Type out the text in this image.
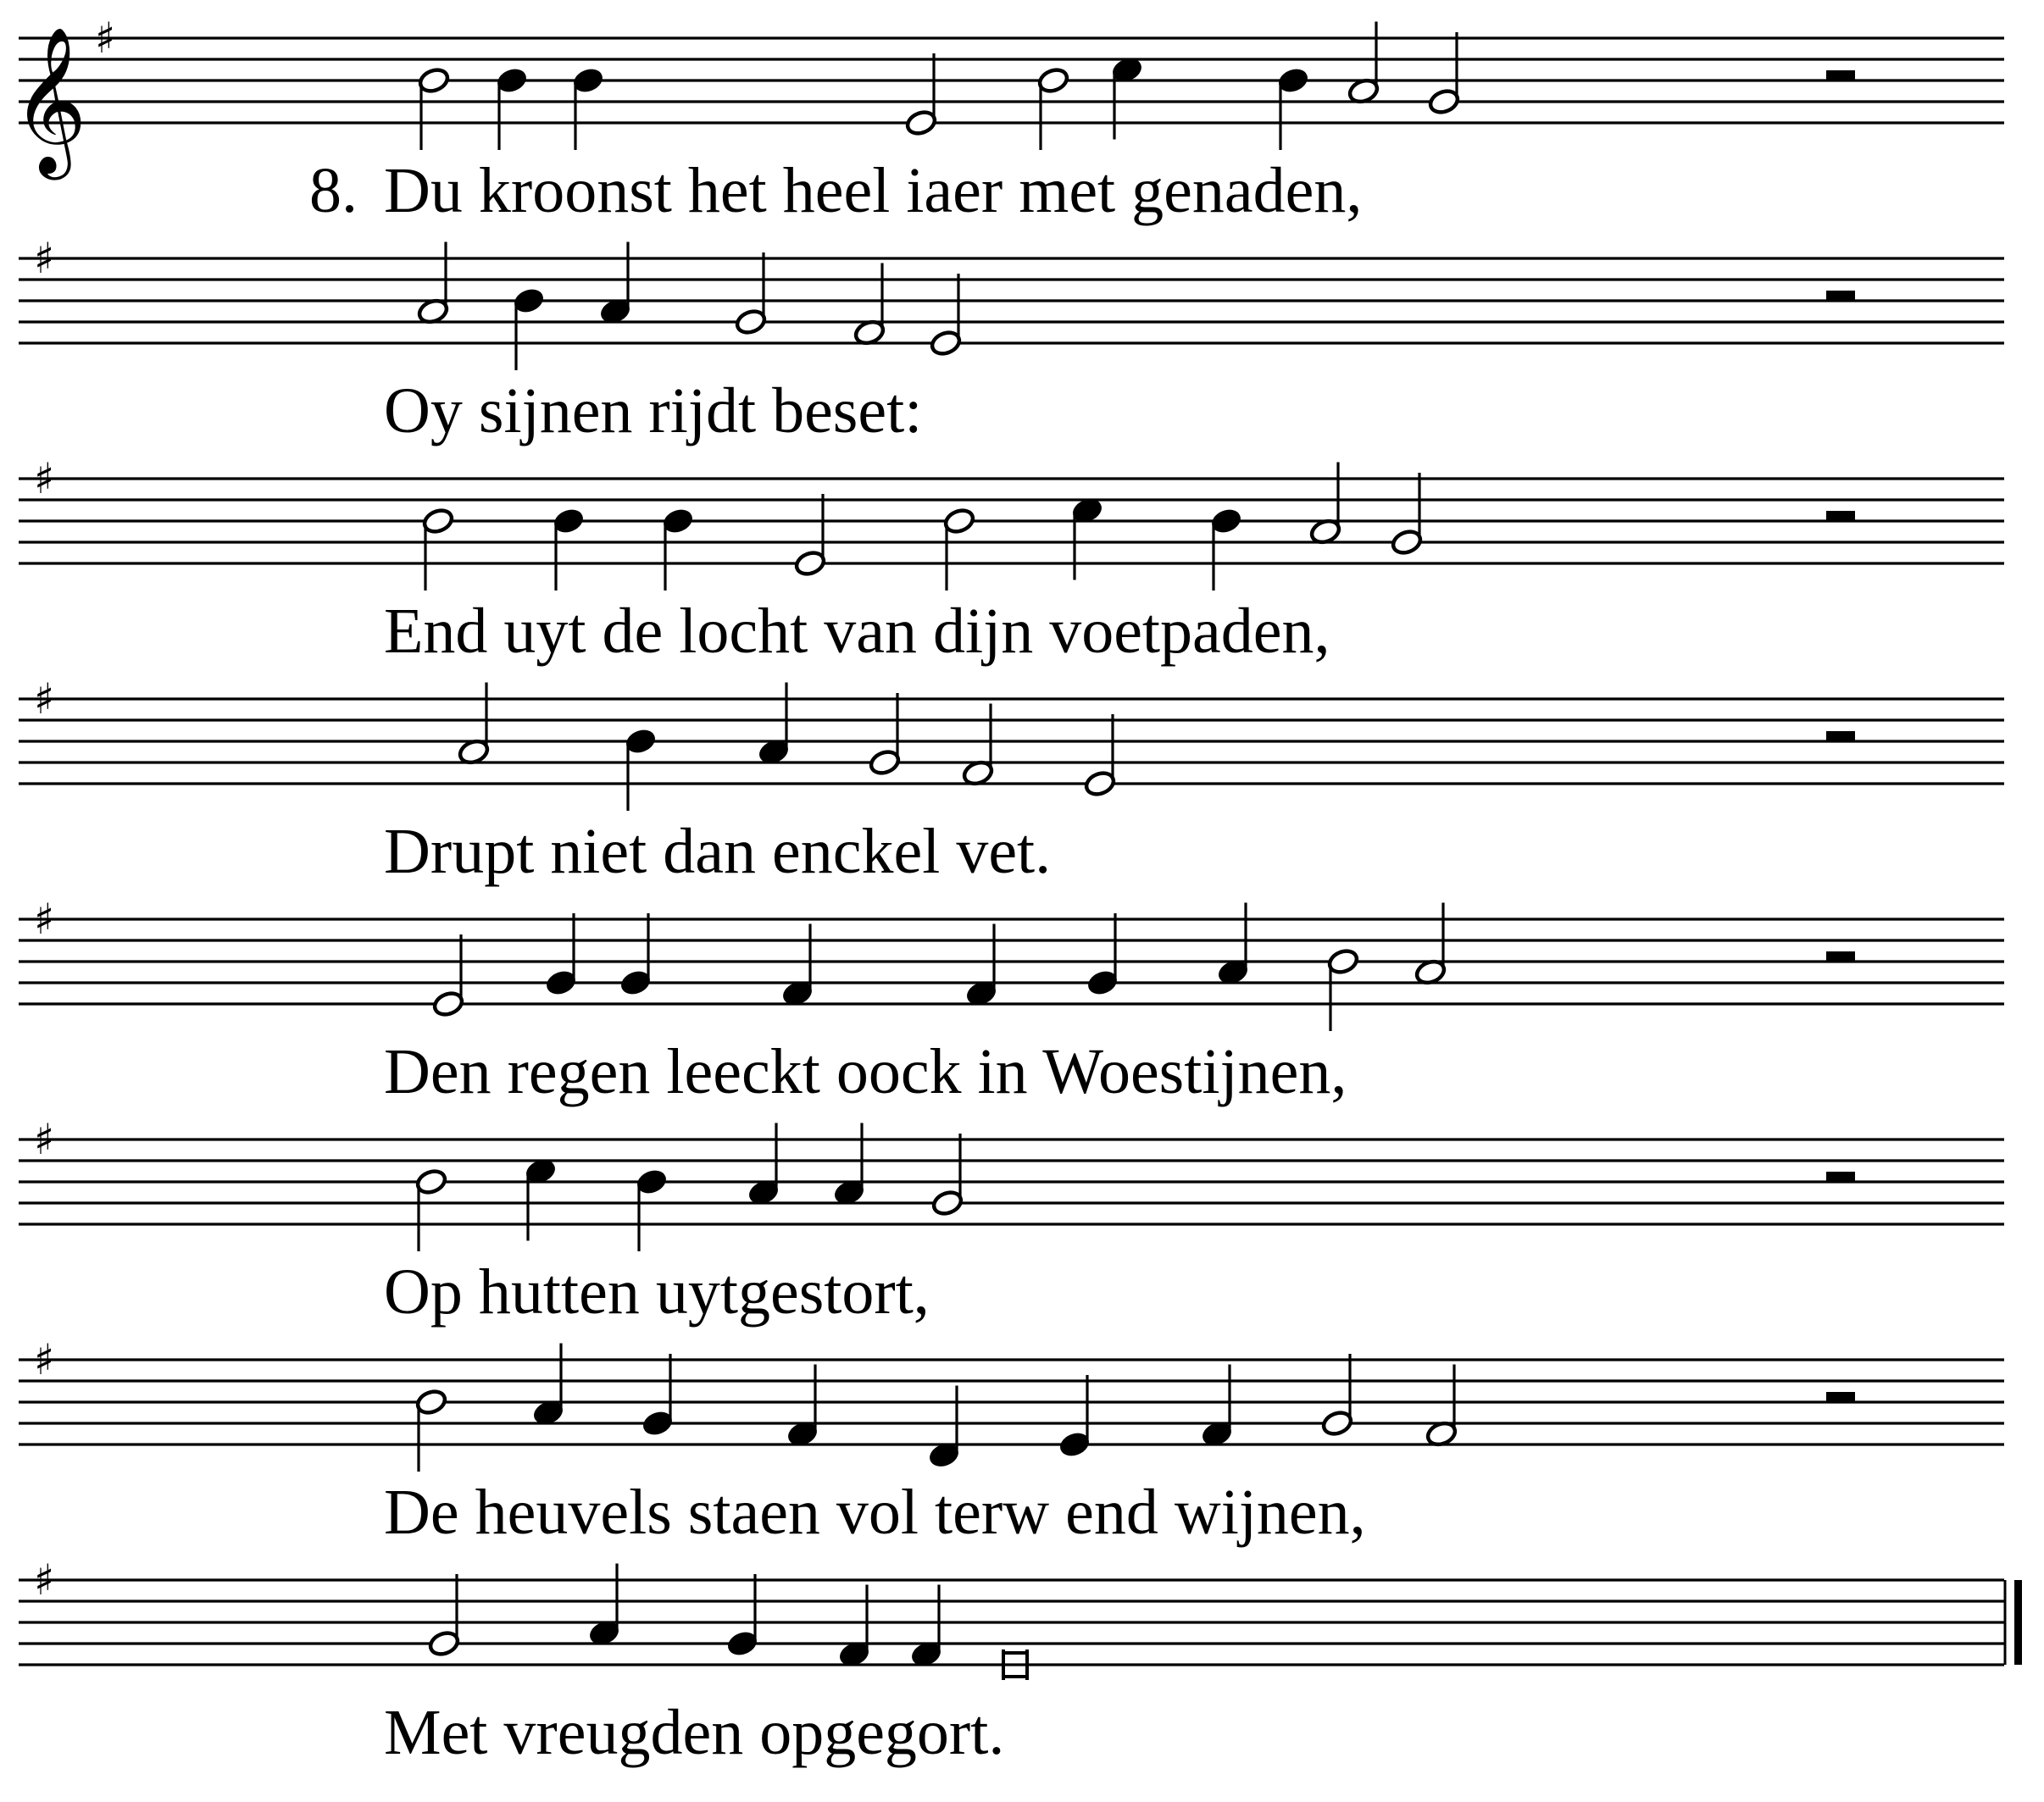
𝄞 ♯
8. Du kroonst het heel iaer met genaden,
♯
Oy sijnen rijdt beset:
♯
End uyt de locht van dijn voetpaden,
♯
Drupt niet dan enckel vet.
♯
Den regen leeckt oock in Woestijnen,
♯
Op hutten uytgestort,
♯
De heuvels staen vol terw end wijnen,
♯
Met vreugden opgegort.
